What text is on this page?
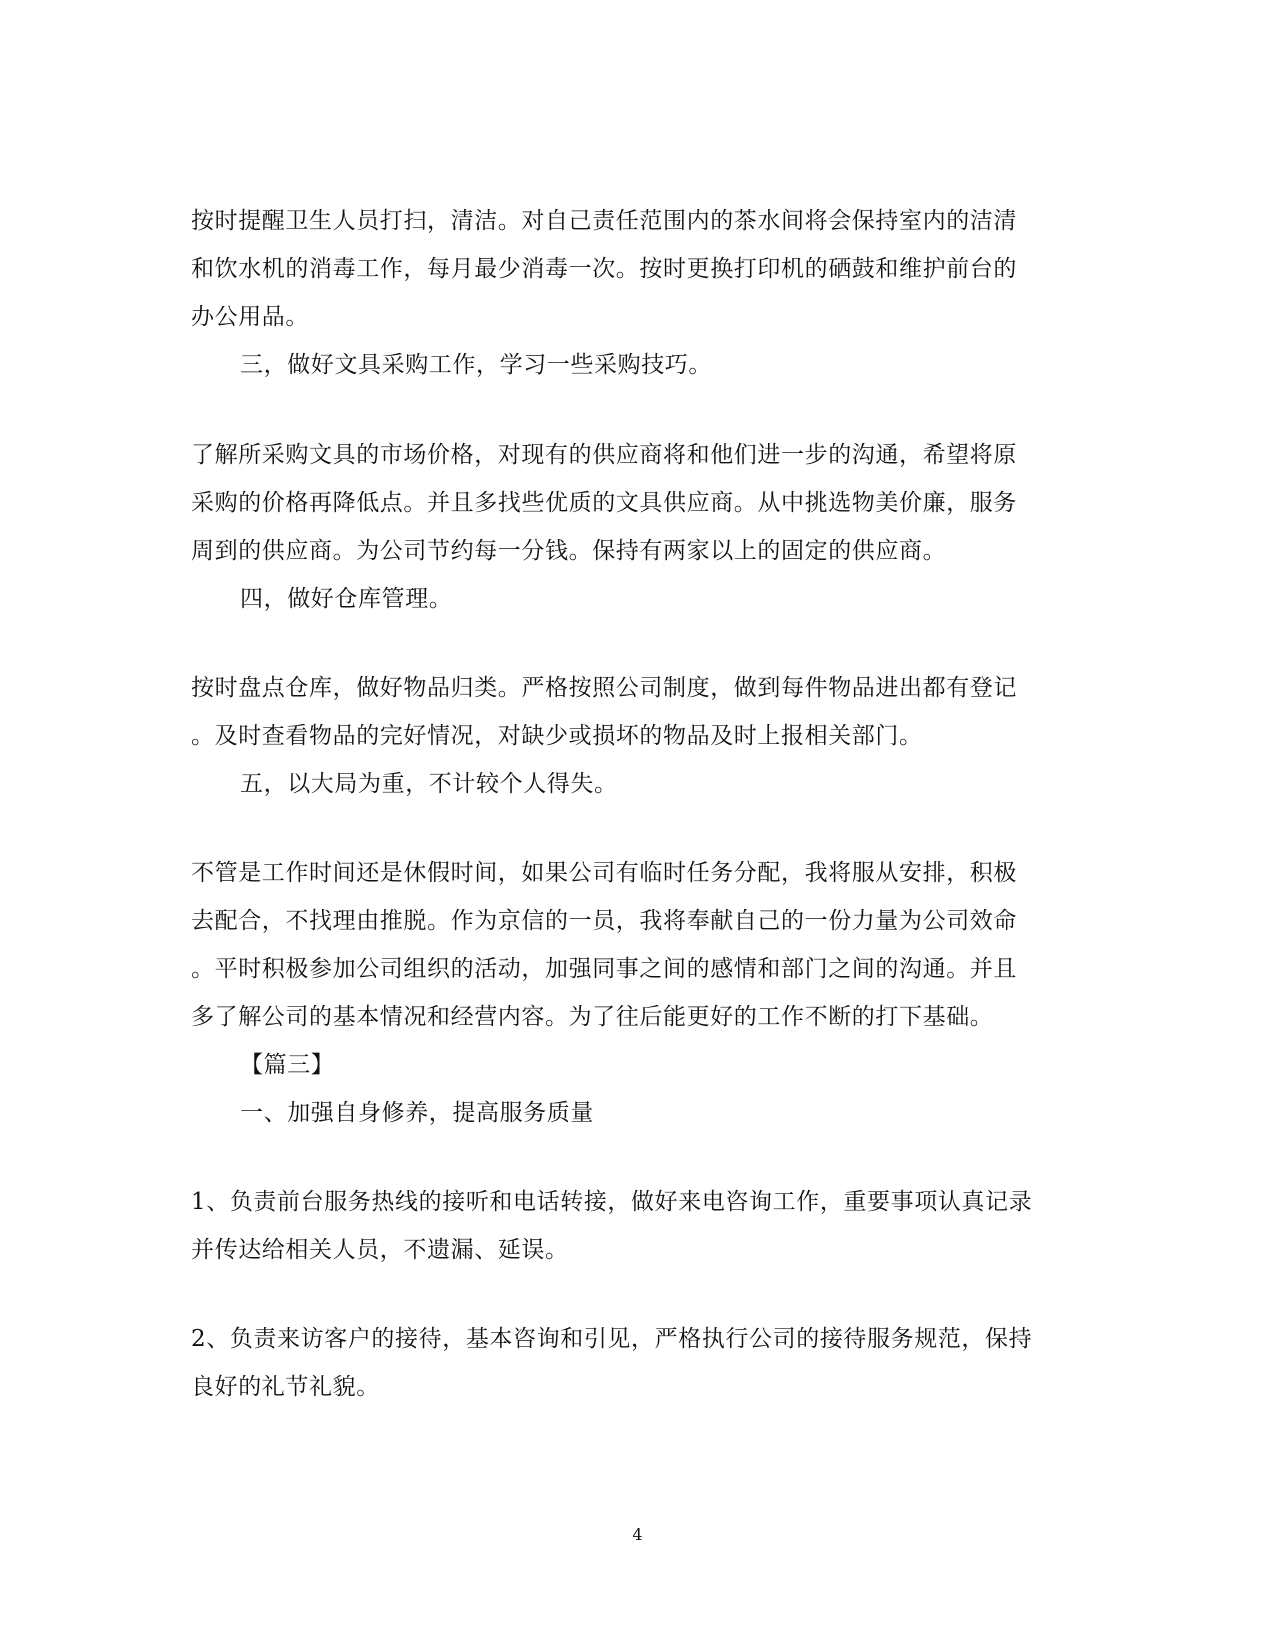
按时提醒卫生人员打扫，清洁。对自己责任范围内的茶水间将会保持室内的洁清
和饮水机的消毒工作，每月最少消毒一次。按时更换打印机的硒鼓和维护前台的
办公用品。
三，做好文具采购工作，学习一些采购技巧。
了解所采购文具的市场价格，对现有的供应商将和他们进一步的沟通，希望将原
采购的价格再降低点。并且多找些优质的文具供应商。从中挑选物美价廉，服务
周到的供应商。为公司节约每一分钱。保持有两家以上的固定的供应商。
四，做好仓库管理。
按时盘点仓库，做好物品归类。严格按照公司制度，做到每件物品进出都有登记
。及时查看物品的完好情况，对缺少或损坏的物品及时上报相关部门。
五，以大局为重，不计较个人得失。
不管是工作时间还是休假时间，如果公司有临时任务分配，我将服从安排，积极
去配合，不找理由推脱。作为京信的一员，我将奉献自己的一份力量为公司效命
。平时积极参加公司组织的活动，加强同事之间的感情和部门之间的沟通。并且
多了解公司的基本情况和经营内容。为了往后能更好的工作不断的打下基础。
【篇三】
一、加强自身修养，提高服务质量
1、负责前台服务热线的接听和电话转接，做好来电咨询工作，重要事项认真记录
并传达给相关人员，不遗漏、延误。
2、负责来访客户的接待，基本咨询和引见，严格执行公司的接待服务规范，保持
良好的礼节礼貌。
4
